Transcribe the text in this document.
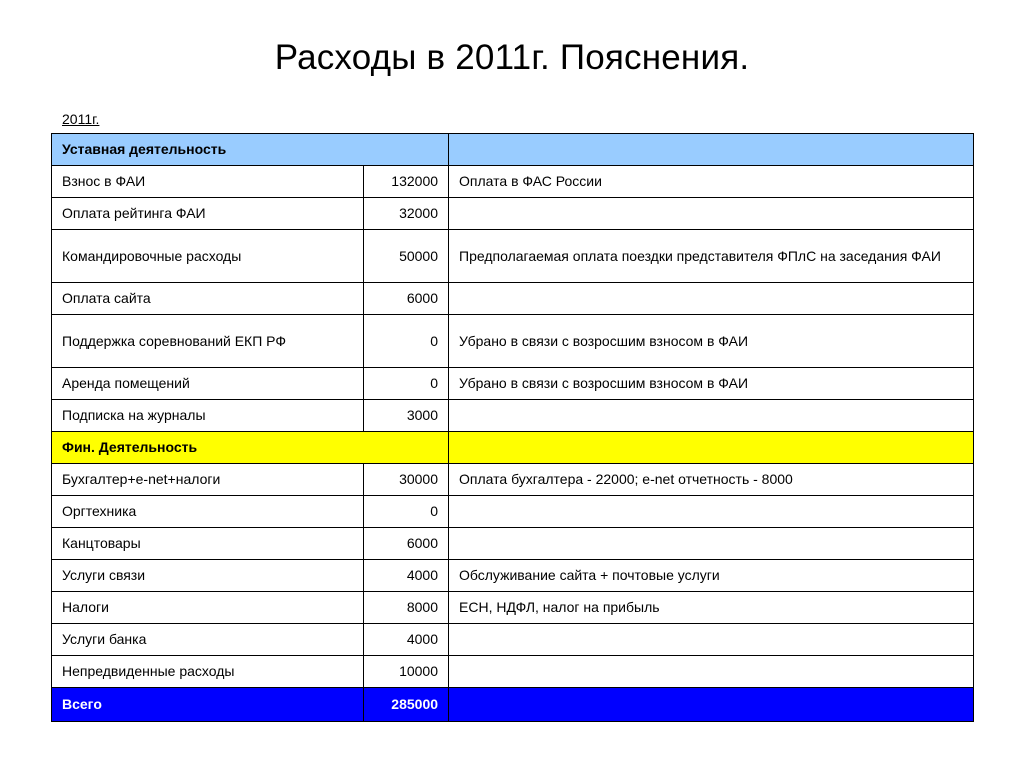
Расходы в 2011г. Пояснения.
2011г.
Уставная деятельность		
Взнос в ФАИ	132000	Оплата в ФАС России
Оплата рейтинга ФАИ	32000	
Командировочные расходы	50000	Предполагаемая оплата поездки представителя ФПлС на заседания ФАИ
Оплата сайта	6000	
Поддержка соревнований ЕКП РФ	0	Убрано в связи с возросшим взносом в ФАИ
Аренда помещений	0	Убрано в связи с возросшим взносом в ФАИ
Подписка на журналы	3000	
Фин. Деятельность		
Бухгалтер+e-net+налоги	30000	Оплата бухгалтера - 22000; e-net отчетность - 8000
Оргтехника	0	
Канцтовары	6000	
Услуги связи	4000	Обслуживание сайта + почтовые услуги
Налоги	8000	ЕСН, НДФЛ, налог на прибыль
Услуги банка	4000	
Непредвиденные расходы	10000	
Всего	285000	
